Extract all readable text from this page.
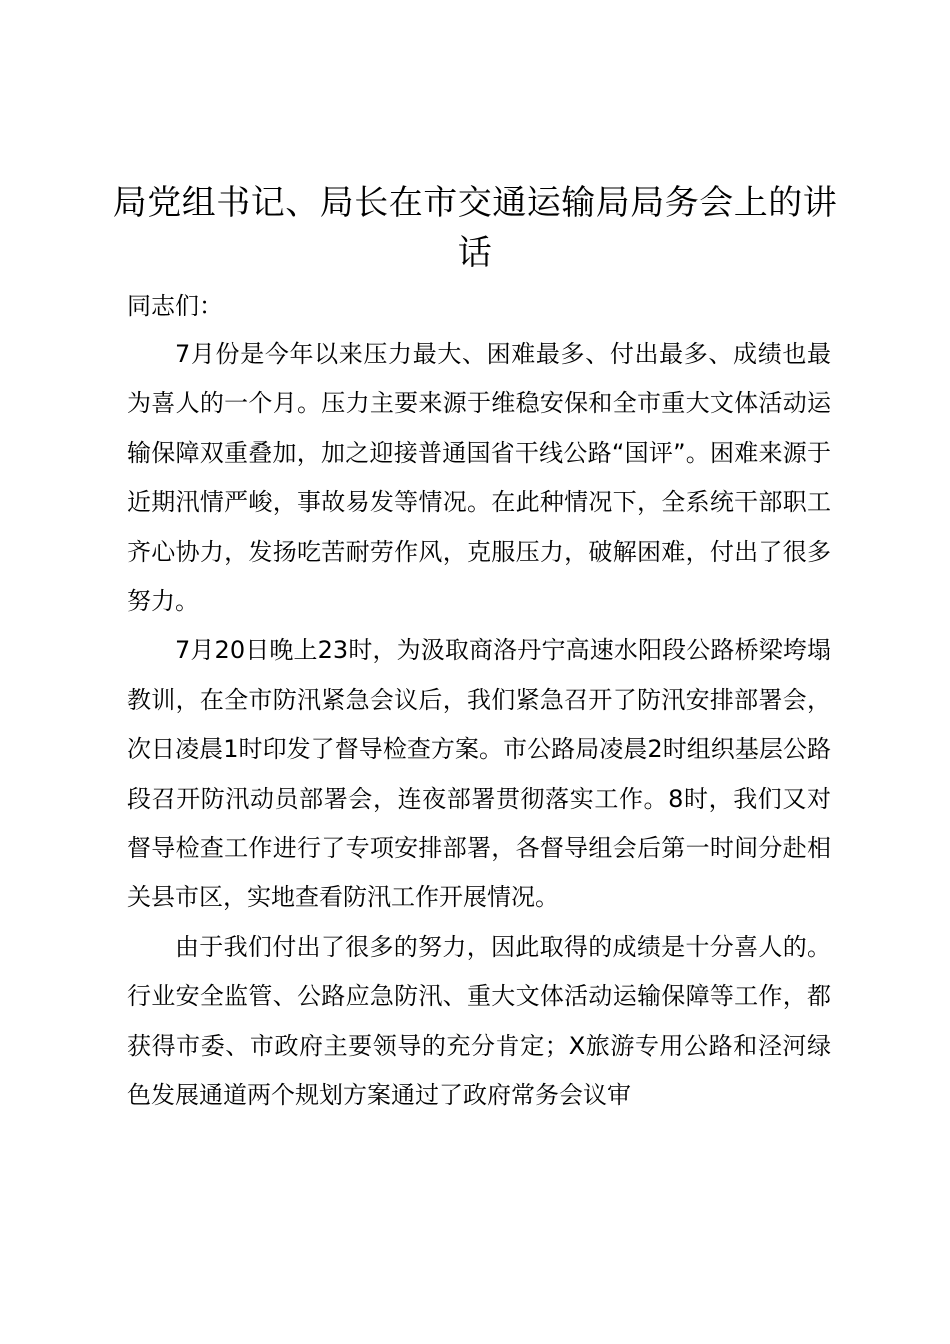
局党组书记、局长在市交通运输局局务会上的讲话

同志们：

7月份是今年以来压力最大、困难最多、付出最多、成绩也最为喜人的一个月。压力主要来源于维稳安保和全市重大文体活动运输保障双重叠加，加之迎接普通国省干线公路“国评”。困难来源于近期汛情严峻，事故易发等情况。在此种情况下，全系统干部职工齐心协力，发扬吃苦耐劳作风，克服压力，破解困难，付出了很多努力。

7月20日晚上23时，为汲取商洛丹宁高速水阳段公路桥梁垮塌教训，在全市防汛紧急会议后，我们紧急召开了防汛安排部署会，次日凌晨1时印发了督导检查方案。市公路局凌晨2时组织基层公路段召开防汛动员部署会，连夜部署贯彻落实工作。8时，我们又对督导检查工作进行了专项安排部署，各督导组会后第一时间分赴相关县市区，实地查看防汛工作开展情况。

由于我们付出了很多的努力，因此取得的成绩是十分喜人的。行业安全监管、公路应急防汛、重大文体活动运输保障等工作，都获得市委、市政府主要领导的充分肯定；X旅游专用公路和泾河绿色发展通道两个规划方案通过了政府常务会议审
